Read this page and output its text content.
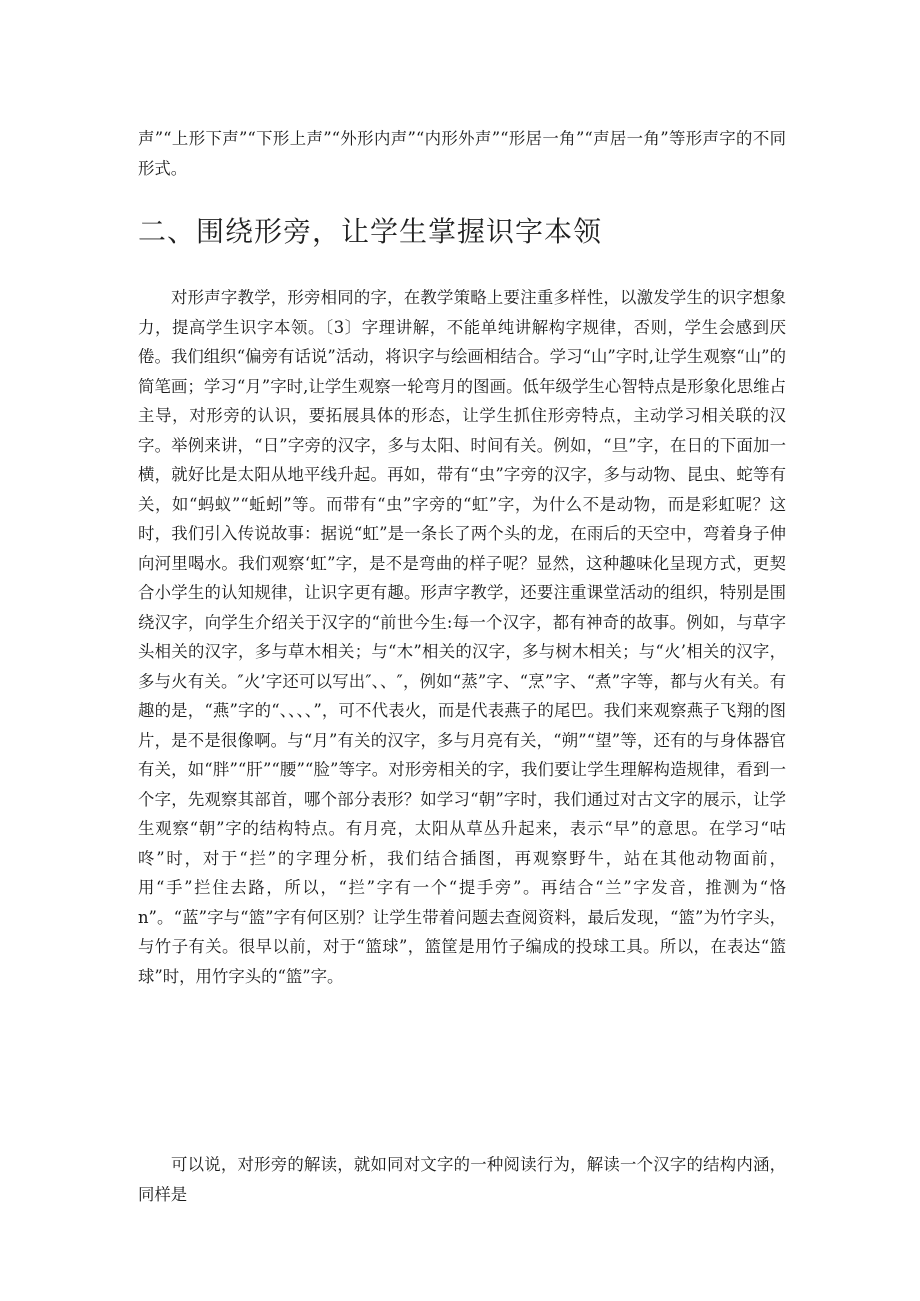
声”“上形下声”“下形上声”“外形内声”“内形外声”“形居一角”“声居一角”等形声字的不同形式。

二、围绕形旁，让学生掌握识字本领

对形声字教学，形旁相同的字，在教学策略上要注重多样性，以激发学生的识字想象力，提高学生识字本领。〔3〕字理讲解，不能单纯讲解构字规律，否则，学生会感到厌倦。我们组织“偏旁有话说”活动，将识字与绘画相结合。学习“山”字时,让学生观察“山”的简笔画；学习“月”字时,让学生观察一轮弯月的图画。低年级学生心智特点是形象化思维占主导，对形旁的认识，要拓展具体的形态，让学生抓住形旁特点，主动学习相关联的汉字。举例来讲，“日”字旁的汉字，多与太阳、时间有关。例如，“旦”字，在日的下面加一横，就好比是太阳从地平线升起。再如，带有“虫”字旁的汉字，多与动物、昆虫、蛇等有关，如“蚂蚁”“蚯蚓”等。而带有“虫”字旁的“虹”字，为什么不是动物，而是彩虹呢？这时，我们引入传说故事：据说“虹”是一条长了两个头的龙，在雨后的天空中，弯着身子伸向河里喝水。我们观察‘虹”字，是不是弯曲的样子呢？显然，这种趣味化呈现方式，更契合小学生的认知规律，让识字更有趣。形声字教学，还要注重课堂活动的组织，特别是围绕汉字，向学生介绍关于汉字的“前世今生:每一个汉字，都有神奇的故事。例如，与草字头相关的汉字，多与草木相关；与“木”相关的汉字，多与树木相关；与“火’相关的汉字，多与火有关。″火’字还可以写出″、、″，例如“蒸”字、“烹”字、“煮”字等，都与火有关。有趣的是，“燕”字的“、、、、”，可不代表火，而是代表燕子的尾巴。我们来观察燕子飞翔的图片，是不是很像啊。与“月”有关的汉字，多与月亮有关，“朔”“望”等，还有的与身体器官有关，如“胖”“肝”“腰”“脸”等字。对形旁相关的字，我们要让学生理解构造规律，看到一个字，先观察其部首，哪个部分表形？如学习“朝”字时，我们通过对古文字的展示，让学生观察“朝”字的结构特点。有月亮，太阳从草丛升起来，表示“早”的意思。在学习“咕咚”时，对于“拦”的字理分析，我们结合插图，再观察野牛，站在其他动物面前，用“手”拦住去路，所以，“拦”字有一个“提手旁”。再结合“兰”字发音，推测为“恪n”。“蓝”字与“篮”字有何区别？让学生带着问题去查阅资料，最后发现，“篮”为竹字头，与竹子有关。很早以前，对于“篮球”，篮筐是用竹子编成的投球工具。所以，在表达“篮球”时，用竹字头的“篮”字。

可以说，对形旁的解读，就如同对文字的一种阅读行为，解读一个汉字的结构内涵，同样是
